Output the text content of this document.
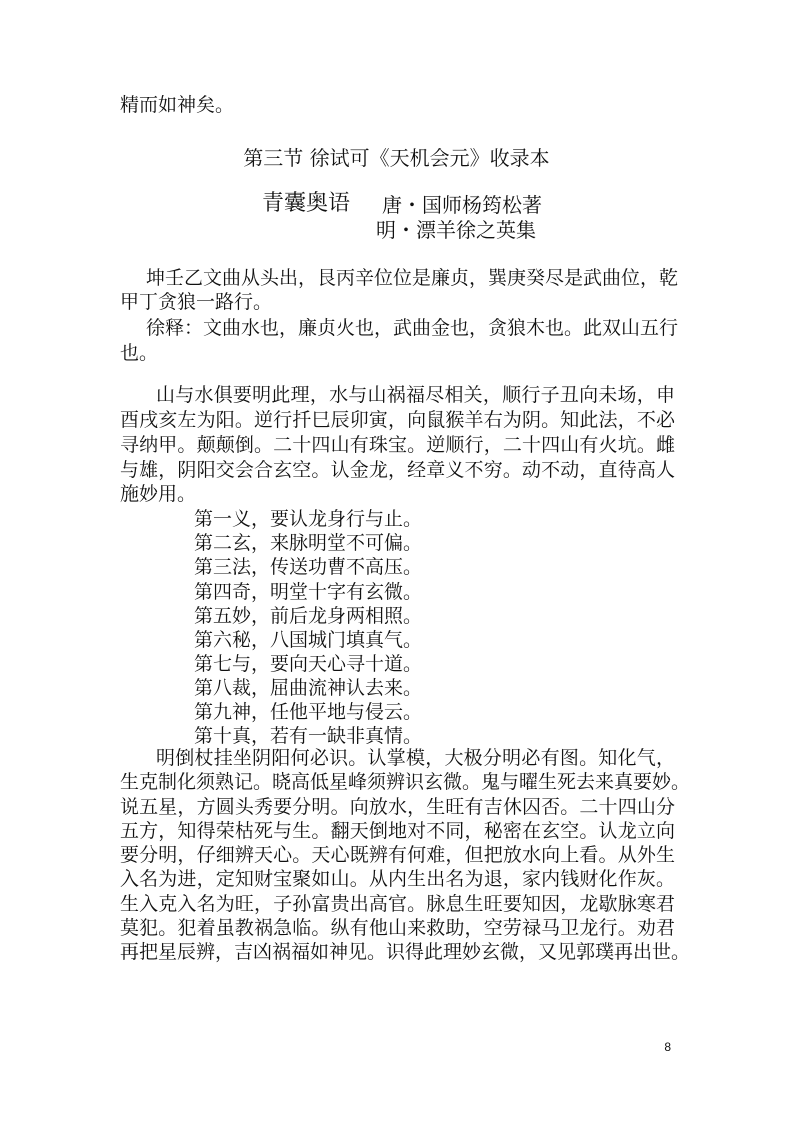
精而如神矣。
第三节 徐试可《天机会元》收录本
青囊奥语 唐・国师杨筠松著
明・漂羊徐之英集
坤壬乙文曲从头出，艮丙辛位位是廉贞，巽庚癸尽是武曲位，乾
甲丁贪狼一路行。
徐释：文曲水也，廉贞火也，武曲金也，贪狼木也。此双山五行
也。
山与水俱要明此理，水与山祸福尽相关，顺行子丑向未场，申
酉戌亥左为阳。逆行扦巳辰卯寅，向鼠猴羊右为阴。知此法，不必
寻纳甲。颠颠倒。二十四山有珠宝。逆顺行，二十四山有火坑。雌
与雄，阴阳交会合玄空。认金龙，经章义不穷。动不动，直待高人
施妙用。
第一义，要认龙身行与止。
第二玄，来脉明堂不可偏。
第三法，传送功曹不高压。
第四奇，明堂十字有玄微。
第五妙，前后龙身两相照。
第六秘，八国城门填真气。
第七与，要向天心寻十道。
第八裁，屈曲流神认去来。
第九神，任他平地与侵云。
第十真，若有一缺非真情。
明倒杖挂坐阴阳何必识。认掌模，大极分明必有图。知化气，
生克制化须熟记。晓高低星峰须辨识玄微。鬼与曜生死去来真要妙。
说五星，方圆头秀要分明。向放水，生旺有吉休囚否。二十四山分
五方，知得荣枯死与生。翻天倒地对不同，秘密在玄空。认龙立向
要分明，仔细辨天心。天心既辨有何难，但把放水向上看。从外生
入名为进，定知财宝聚如山。从内生出名为退，家内钱财化作灰。
生入克入名为旺，子孙富贵出高官。脉息生旺要知因，龙歇脉寒君
莫犯。犯着虽教祸急临。纵有他山来救助，空劳禄马卫龙行。劝君
再把星辰辨，吉凶祸福如神见。识得此理妙玄微，又见郭璞再出世。
8
